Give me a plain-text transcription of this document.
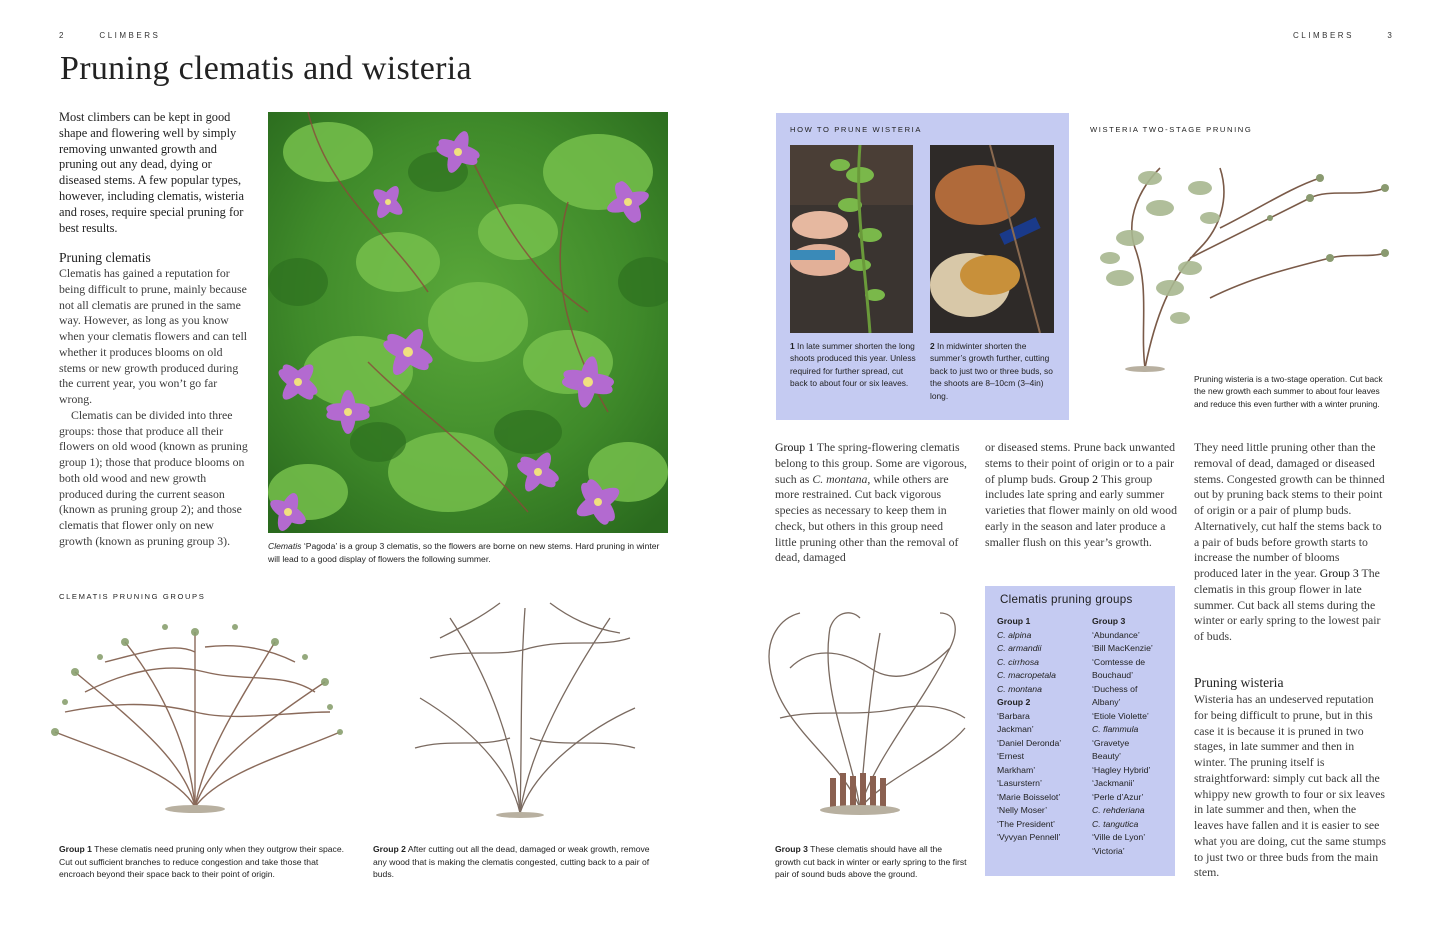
2	CLIMBERS
Pruning clematis and wisteria
Most climbers can be kept in good shape and flowering well by simply removing unwanted growth and pruning out any dead, dying or diseased stems. A few popular types, however, including clematis, wisteria and roses, require special pruning for best results.
Pruning clematis

Clematis has gained a reputation for being difficult to prune, mainly because not all clematis are pruned in the same way. However, as long as you know when your clematis flowers and can tell whether it produces blooms on old stems or new growth produced during the current year, you won’t go far wrong.

Clematis can be divided into three groups: those that produce all their flowers on old wood (known as pruning group 1); those that produce blooms on both old wood and new growth produced during the current season (known as pruning group 2); and those clematis that flower only on new growth (known as pruning group 3).	Clematis ‘Pagoda’ is a group 3 clematis, so the flowers are borne on new stems. Hard pruning in winter will lead to a good display of flowers the following summer.
CLEMATIS PRUNING GROUPS
Group 1 These clematis need pruning only when they outgrow their space. Cut out sufficient branches to reduce congestion and take those that encroach beyond their space back to their point of origin.
Group 2 After cutting out all the dead, damaged or weak growth, remove any wood that is making the clematis congested, cutting back to a pair of buds.
CLIMBERS	3
HOW TO PRUNE WISTERIA
1 In late summer shorten the long shoots produced this year. Unless required for further spread, cut back to about four or six leaves.
2 In midwinter shorten the summer’s growth further, cutting back to just two or three buds, so the shoots are 8–10cm (3–4in) long.
WISTERIA TWO-STAGE PRUNING
Pruning wisteria is a two-stage operation. Cut back the new growth each summer to about four leaves and reduce this even further with a winter pruning.
Group 1 The spring-flowering clematis belong to this group. Some are vigorous, such as C. montana, while others are more restrained. Cut back vigorous species as necessary to keep them in check, but others in this group need little pruning other than the removal of dead, damaged
or diseased stems. Prune back unwanted stems to their point of origin or to a pair of plump buds. Group 2 This group includes late spring and early summer varieties that flower mainly on old wood early in the season and later produce a smaller flush on this year’s growth.
They need little pruning other than the removal of dead, damaged or diseased stems. Congested growth can be thinned out by pruning back stems to their point of origin or a pair of plump buds. Alternatively, cut half the stems back to a pair of buds before growth starts to increase the number of blooms produced later in the year. Group 3 The clematis in this group flower in late summer. Cut back all stems during the winter or early spring to the lowest pair of buds.
Pruning wisteria
Wisteria has an undeserved reputation for being difficult to prune, but in this case it is because it is pruned in two stages, in late summer and then in winter. The pruning itself is straightforward: simply cut back all the whippy new growth to four or six leaves in late summer and then, when the leaves have fallen and it is easier to see what you are doing, cut the same stumps to just two or three buds from the main stem.
Group 3 These clematis should have all the growth cut back in winter or early spring to the first pair of sound buds above the ground.
Clematis pruning groups
Group 1
C. alpina
C. armandii
C. cirrhosa
C. macropetala
C. montana
Group 2
‘Barbara
Jackman’
‘Daniel Deronda’
‘Ernest
Markham’
‘Lasurstern’
‘Marie Boisselot’
‘Nelly Moser’
‘The President’
‘Vyvyan Pennell’
Group 3
‘Abundance’
‘Bill MacKenzie’
‘Comtesse de
Bouchaud’
‘Duchess of
Albany’
‘Etiole Violette’
C. flammula
‘Gravetye
Beauty’
‘Hagley Hybrid’
‘Jackmanii’
‘Perle d’Azur’
C. rehderiana
C. tangutica
‘Ville de Lyon’
‘Victoria’
